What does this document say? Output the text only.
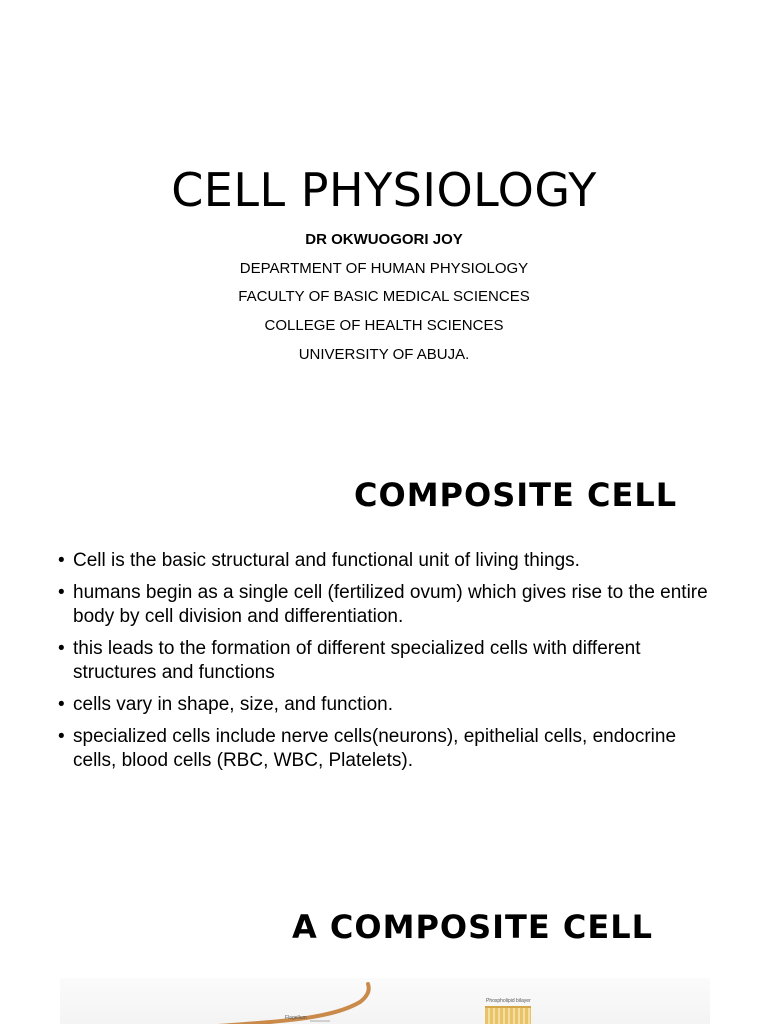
CELL PHYSIOLOGY
DR OKWUOGORI JOY
DEPARTMENT OF HUMAN PHYSIOLOGY
FACULTY OF BASIC MEDICAL SCIENCES
COLLEGE OF HEALTH SCIENCES
UNIVERSITY OF ABUJA.
COMPOSITE CELL
• Cell is the basic structural and functional unit of living things.
• humans begin as a single cell (fertilized ovum) which gives rise to the entire body by cell division and differentiation.
• this leads to the formation of different specialized cells with different structures and functions
• cells vary in shape, size, and function.
• specialized cells include nerve cells(neurons), epithelial cells, endocrine cells, blood cells (RBC, WBC, Platelets).
A COMPOSITE CELL
Flagellum
Phospholipid bilayer
